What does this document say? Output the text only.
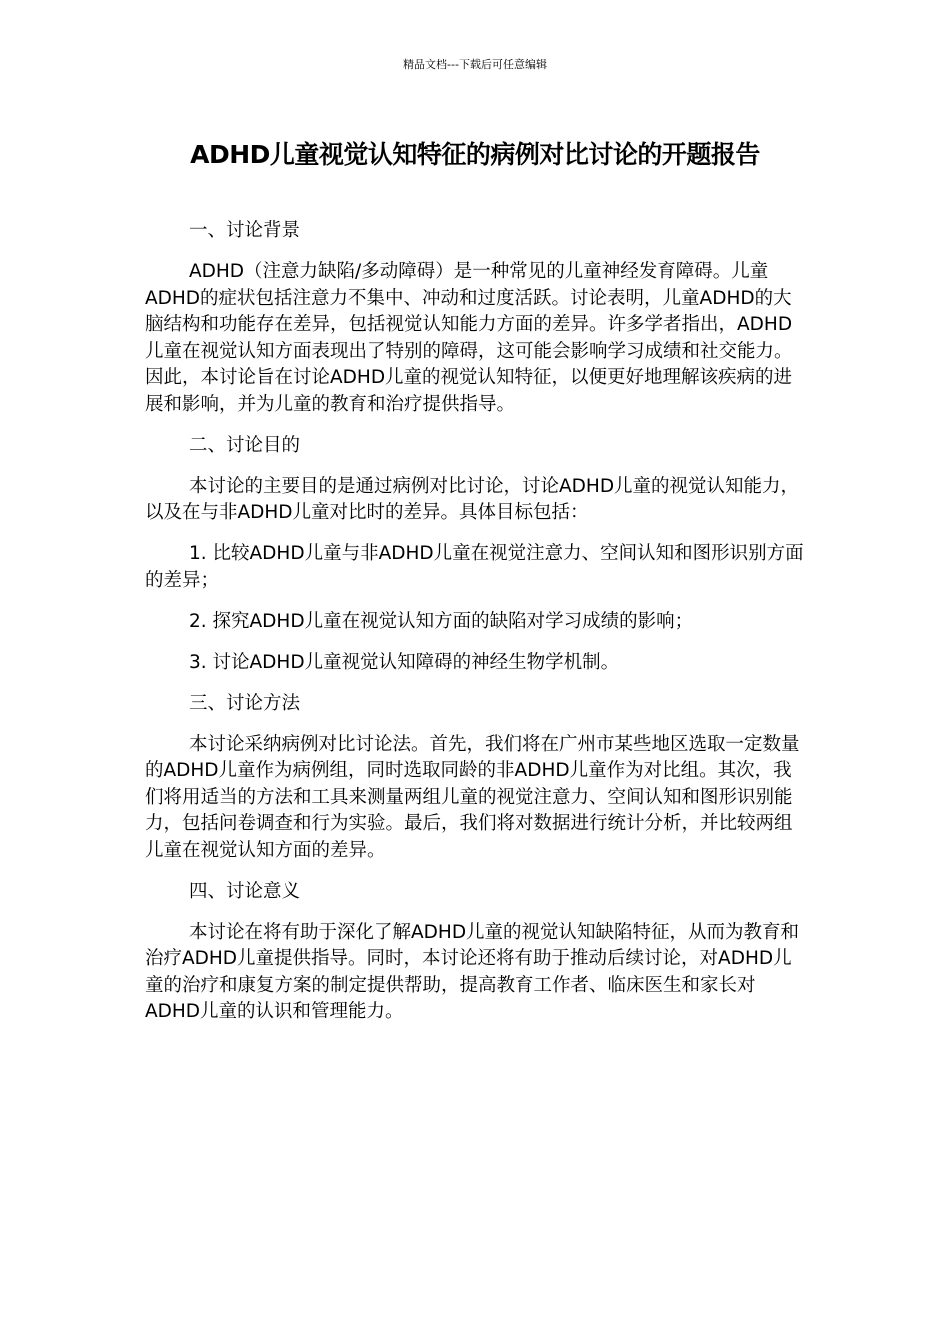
精品文档---下载后可任意编辑
ADHD儿童视觉认知特征的病例对比讨论的开题报告

一、讨论背景

ADHD（注意力缺陷/多动障碍）是一种常见的儿童神经发育障碍。儿童ADHD的症状包括注意力不集中、冲动和过度活跃。讨论表明，儿童ADHD的大脑结构和功能存在差异，包括视觉认知能力方面的差异。许多学者指出，ADHD儿童在视觉认知方面表现出了特别的障碍，这可能会影响学习成绩和社交能力。因此，本讨论旨在讨论ADHD儿童的视觉认知特征，以便更好地理解该疾病的进展和影响，并为儿童的教育和治疗提供指导。

二、讨论目的

本讨论的主要目的是通过病例对比讨论，讨论ADHD儿童的视觉认知能力，以及在与非ADHD儿童对比时的差异。具体目标包括：

1. 比较ADHD儿童与非ADHD儿童在视觉注意力、空间认知和图形识别方面的差异；

2. 探究ADHD儿童在视觉认知方面的缺陷对学习成绩的影响；

3. 讨论ADHD儿童视觉认知障碍的神经生物学机制。

三、讨论方法

本讨论采纳病例对比讨论法。首先，我们将在广州市某些地区选取一定数量的ADHD儿童作为病例组，同时选取同龄的非ADHD儿童作为对比组。其次，我们将用适当的方法和工具来测量两组儿童的视觉注意力、空间认知和图形识别能力，包括问卷调查和行为实验。最后，我们将对数据进行统计分析，并比较两组儿童在视觉认知方面的差异。

四、讨论意义

本讨论在将有助于深化了解ADHD儿童的视觉认知缺陷特征，从而为教育和治疗ADHD儿童提供指导。同时，本讨论还将有助于推动后续讨论，对ADHD儿童的治疗和康复方案的制定提供帮助，提高教育工作者、临床医生和家长对ADHD儿童的认识和管理能力。
